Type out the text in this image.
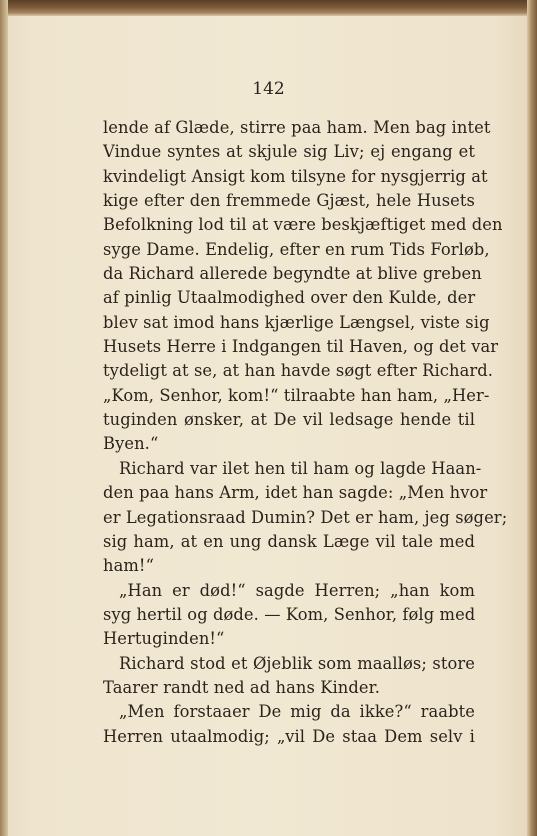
142
lende af Glæde, stirre paa ham. Men bag intet
Vindue syntes at skjule sig Liv; ej engang et
kvindeligt Ansigt kom tilsyne for nysgjerrig at
kige efter den fremmede Gjæst, hele Husets
Befolkning lod til at være beskjæftiget med den
syge Dame. Endelig, efter en rum Tids Forløb,
da Richard allerede begyndte at blive greben
af pinlig Utaalmodighed over den Kulde, der
blev sat imod hans kjærlige Længsel, viste sig
Husets Herre i Indgangen til Haven, og det var
tydeligt at se, at han havde søgt efter Richard.
„Kom, Senhor, kom!“ tilraabte han ham, „Her-
tuginden ønsker, at De vil ledsage hende til
Byen.“
Richard var ilet hen til ham og lagde Haan-
den paa hans Arm, idet han sagde: „Men hvor
er Legationsraad Dumin? Det er ham, jeg søger;
sig ham, at en ung dansk Læge vil tale med
ham!“
„Han er død!“ sagde Herren; „han kom
syg hertil og døde. — Kom, Senhor, følg med
Hertuginden!“
Richard stod et Øjeblik som maalløs; store
Taarer randt ned ad hans Kinder.
„Men forstaaer De mig da ikke?“ raabte
Herren utaalmodig; „vil De staa Dem selv i
